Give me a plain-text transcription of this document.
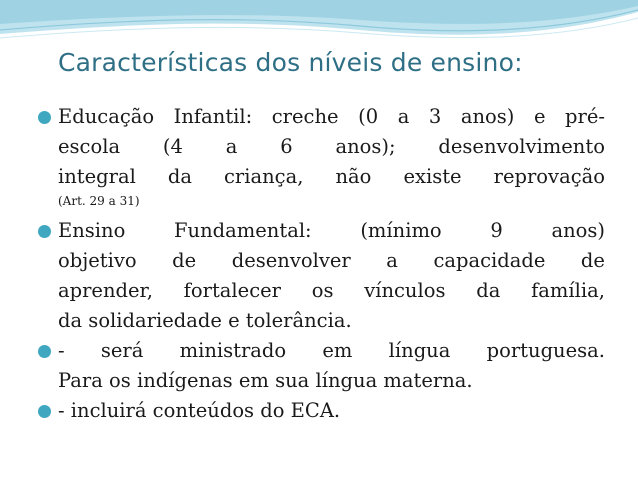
Características dos níveis de ensino:
Educação Infantil: creche (0 a 3 anos) e pré-
escola (4 a 6 anos); desenvolvimento
integral da criança, não existe reprovação
(Art. 29 a 31)
Ensino Fundamental: (mínimo 9 anos)
objetivo de desenvolver a capacidade de
aprender, fortalecer os vínculos da família,
da solidariedade e tolerância.
- será ministrado em língua portuguesa.
Para os indígenas em sua língua materna.
- incluirá conteúdos do ECA.
